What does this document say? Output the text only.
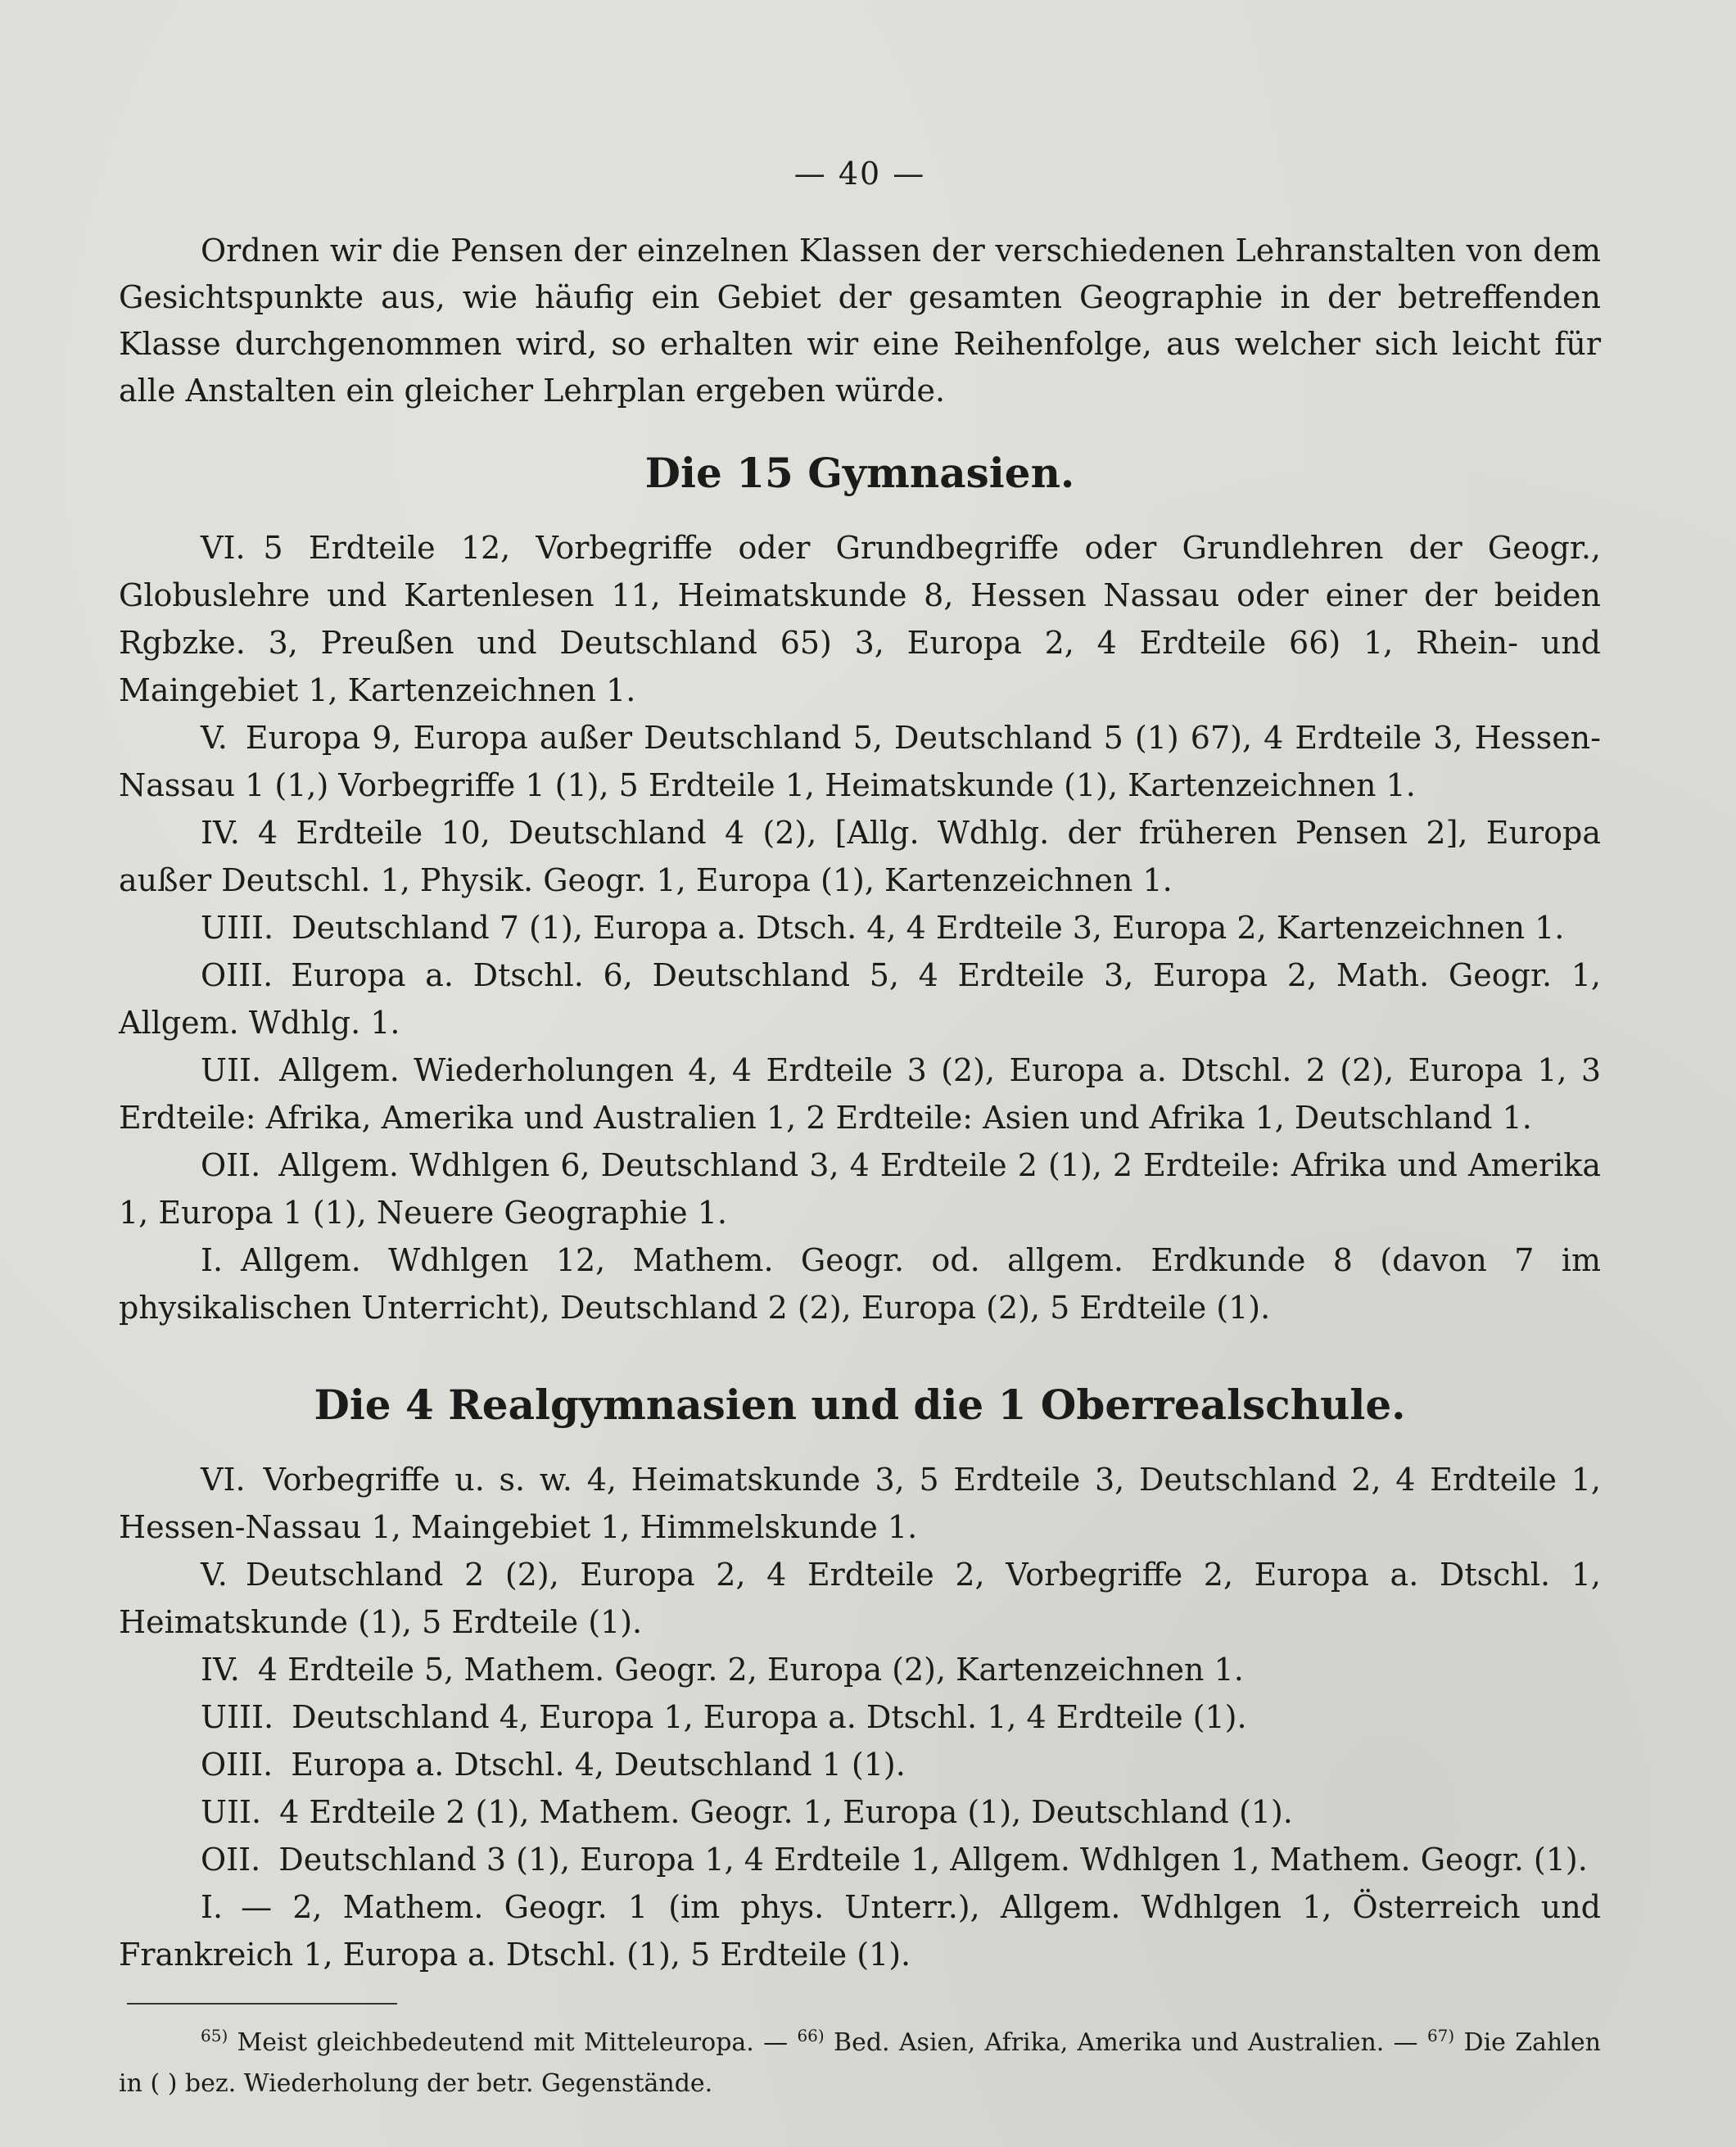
— 40 —

Ordnen wir die Pensen der einzelnen Klassen der verschiedenen Lehranstalten von dem Gesichtspunkte aus, wie häufig ein Gebiet der gesamten Geographie in der betreffenden Klasse durchgenommen wird, so erhalten wir eine Reihenfolge, aus welcher sich leicht für alle Anstalten ein gleicher Lehrplan ergeben würde.

Die 15 Gymnasien.

VI. 5 Erdteile 12, Vorbegriffe oder Grundbegriffe oder Grundlehren der Geogr., Globuslehre und Kartenlesen 11, Heimatskunde 8, Hessen Nassau oder einer der beiden Rgbzke. 3, Preußen und Deutschland 65) 3, Europa 2, 4 Erdteile 66) 1, Rhein- und Maingebiet 1, Kartenzeichnen 1.

V. Europa 9, Europa außer Deutschland 5, Deutschland 5 (1) 67), 4 Erdteile 3, Hessen-Nassau 1 (1,) Vorbegriffe 1 (1), 5 Erdteile 1, Heimatskunde (1), Kartenzeichnen 1.

IV. 4 Erdteile 10, Deutschland 4 (2), [Allg. Wdhlg. der früheren Pensen 2], Europa außer Deutschl. 1, Physik. Geogr. 1, Europa (1), Kartenzeichnen 1.

UIII. Deutschland 7 (1), Europa a. Dtsch. 4, 4 Erdteile 3, Europa 2, Kartenzeichnen 1.

OIII. Europa a. Dtschl. 6, Deutschland 5, 4 Erdteile 3, Europa 2, Math. Geogr. 1, Allgem. Wdhlg. 1.

UII. Allgem. Wiederholungen 4, 4 Erdteile 3 (2), Europa a. Dtschl. 2 (2), Europa 1, 3 Erdteile: Afrika, Amerika und Australien 1, 2 Erdteile: Asien und Afrika 1, Deutschland 1.

OII. Allgem. Wdhlgen 6, Deutschland 3, 4 Erdteile 2 (1), 2 Erdteile: Afrika und Amerika 1, Europa 1 (1), Neuere Geographie 1.

I. Allgem. Wdhlgen 12, Mathem. Geogr. od. allgem. Erdkunde 8 (davon 7 im physikalischen Unterricht), Deutschland 2 (2), Europa (2), 5 Erdteile (1).

Die 4 Realgymnasien und die 1 Oberrealschule.

VI. Vorbegriffe u. s. w. 4, Heimatskunde 3, 5 Erdteile 3, Deutschland 2, 4 Erdteile 1, Hessen-Nassau 1, Maingebiet 1, Himmelskunde 1.

V. Deutschland 2 (2), Europa 2, 4 Erdteile 2, Vorbegriffe 2, Europa a. Dtschl. 1, Heimatskunde (1), 5 Erdteile (1).

IV. 4 Erdteile 5, Mathem. Geogr. 2, Europa (2), Kartenzeichnen 1.

UIII. Deutschland 4, Europa 1, Europa a. Dtschl. 1, 4 Erdteile (1).

OIII. Europa a. Dtschl. 4, Deutschland 1 (1).

UII. 4 Erdteile 2 (1), Mathem. Geogr. 1, Europa (1), Deutschland (1).

OII. Deutschland 3 (1), Europa 1, 4 Erdteile 1, Allgem. Wdhlgen 1, Mathem. Geogr. (1).

I. — 2, Mathem. Geogr. 1 (im phys. Unterr.), Allgem. Wdhlgen 1, Österreich und Frankreich 1, Europa a. Dtschl. (1), 5 Erdteile (1).

$^{65)}$ Meist gleichbedeutend mit Mitteleuropa. — $^{66)}$ Bed. Asien, Afrika, Amerika und Australien. — $^{67)}$ Die Zahlen in ( ) bez. Wiederholung der betr. Gegenstände.
